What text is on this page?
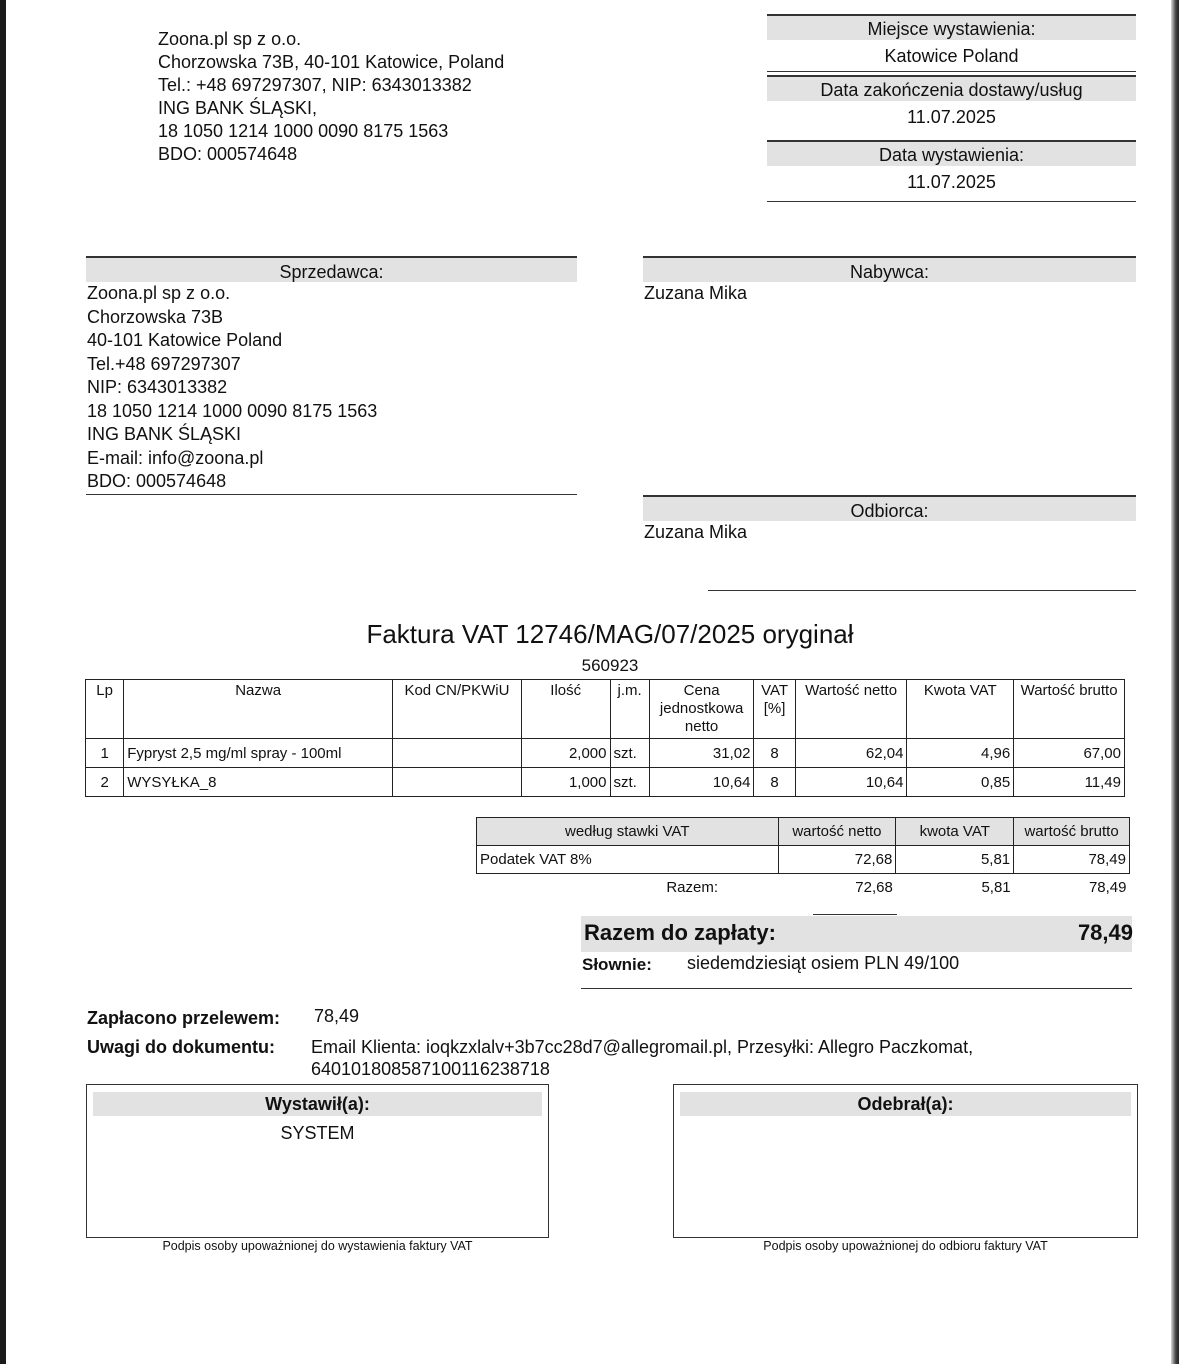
Zoona.pl sp z o.o.
Chorzowska 73B, 40-101 Katowice, Poland
Tel.: +48 697297307, NIP: 6343013382
ING BANK ŚLĄSKI,
18 1050 1214 1000 0090 8175 1563
BDO: 000574648
Miejsce wystawienia:
Katowice Poland
Data zakończenia dostawy/usług
11.07.2025
Data wystawienia:
11.07.2025
Sprzedawca:
Zoona.pl sp z o.o.
Chorzowska 73B
40-101 Katowice Poland
Tel.+48 697297307
NIP: 6343013382
18 1050 1214 1000 0090 8175 1563
ING BANK ŚLĄSKI
E-mail: info@zoona.pl
BDO: 000574648
Nabywca:
Zuzana Mika
Odbiorca:
Zuzana Mika
Faktura VAT 12746/MAG/07/2025 oryginał
560923
Lp	Nazwa	Kod CN/PKWiU	Ilość	j.m.	Cena jednostkowa netto	VAT [%]	Wartość netto	Kwota VAT	Wartość brutto
1	Fypryst 2,5 mg/ml spray - 100ml		2,000	szt.	31,02	8	62,04	4,96	67,00
2	WYSYŁKA_8		1,000	szt.	10,64	8	10,64	0,85	11,49
według stawki VAT	wartość netto	kwota VAT	wartość brutto
Podatek VAT 8%	72,68	5,81	78,49
Razem:	72,68	5,81	78,49
Razem do zapłaty:	78,49
Słownie: siedemdziesiąt osiem PLN 49/100
Zapłacono przelewem: 78,49
Uwagi do dokumentu: Email Klienta: ioqkzxlalv+3b7cc28d7@allegromail.pl, Przesyłki: Allegro Paczkomat, 640101808587100116238718
Wystawił(a):
SYSTEM
Odebrał(a):
Podpis osoby upoważnionej do wystawienia faktury VAT	Podpis osoby upoważnionej do odbioru faktury VAT
